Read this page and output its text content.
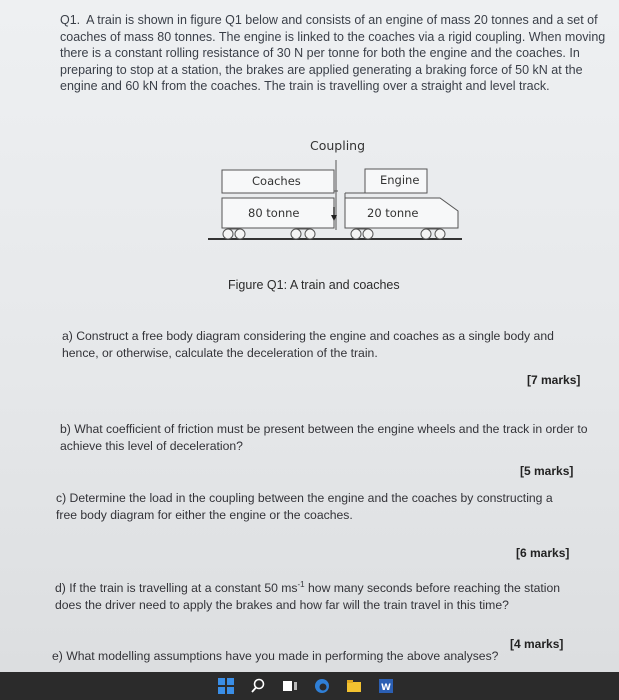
Q1. A train is shown in figure Q1 below and consists of an engine of mass 20 tonnes and a set of coaches of mass 80 tonnes. The engine is linked to the coaches via a rigid coupling. When moving there is a constant rolling resistance of 30 N per tonne for both the engine and the coaches. In preparing to stop at a station, the brakes are applied generating a braking force of 50 kN at the engine and 60 kN from the coaches. The train is travelling over a straight and level track.

Coupling
Coaches
80 tonne
Engine
20 tonne

Figure Q1: A train and coaches

a) Construct a free body diagram considering the engine and coaches as a single body and hence, or otherwise, calculate the deceleration of the train.

[7 marks]

b) What coefficient of friction must be present between the engine wheels and the track in order to achieve this level of deceleration?

[5 marks]

c) Determine the load in the coupling between the engine and the coaches by constructing a free body diagram for either the engine or the coaches.

[6 marks]

d) If the train is travelling at a constant 50 $ms^{-1}$ how many seconds before reaching the station does the driver need to apply the brakes and how far will the train travel in this time?

[4 marks]

e) What modelling assumptions have you made in performing the above analyses?

W
